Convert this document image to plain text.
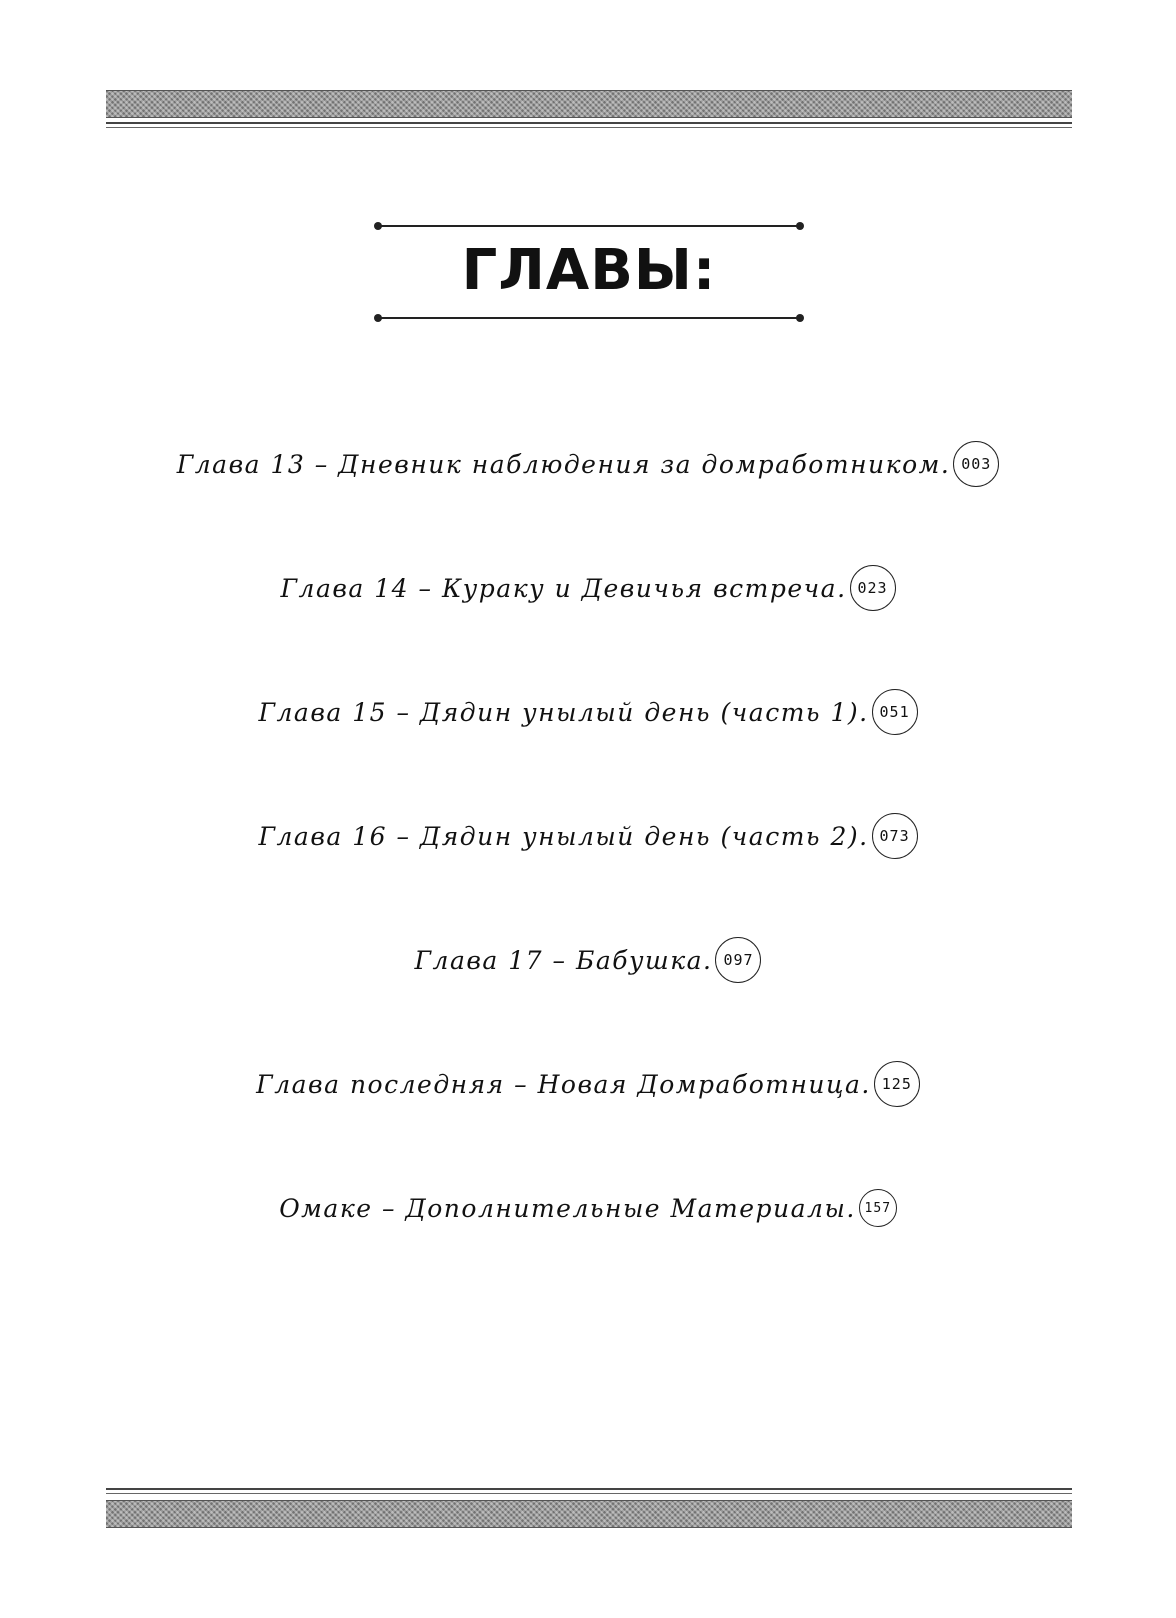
ГЛАВЫ:
Глава 13 – Дневник наблюдения за домработником. 003
Глава 14 – Кураку и Девичья встреча. 023
Глава 15 – Дядин унылый день (часть 1). 051
Глава 16 – Дядин унылый день (часть 2). 073
Глава 17 – Бабушка. 097
Глава последняя – Новая Домработница. 125
Омаке – Дополнительные Материалы. 157
